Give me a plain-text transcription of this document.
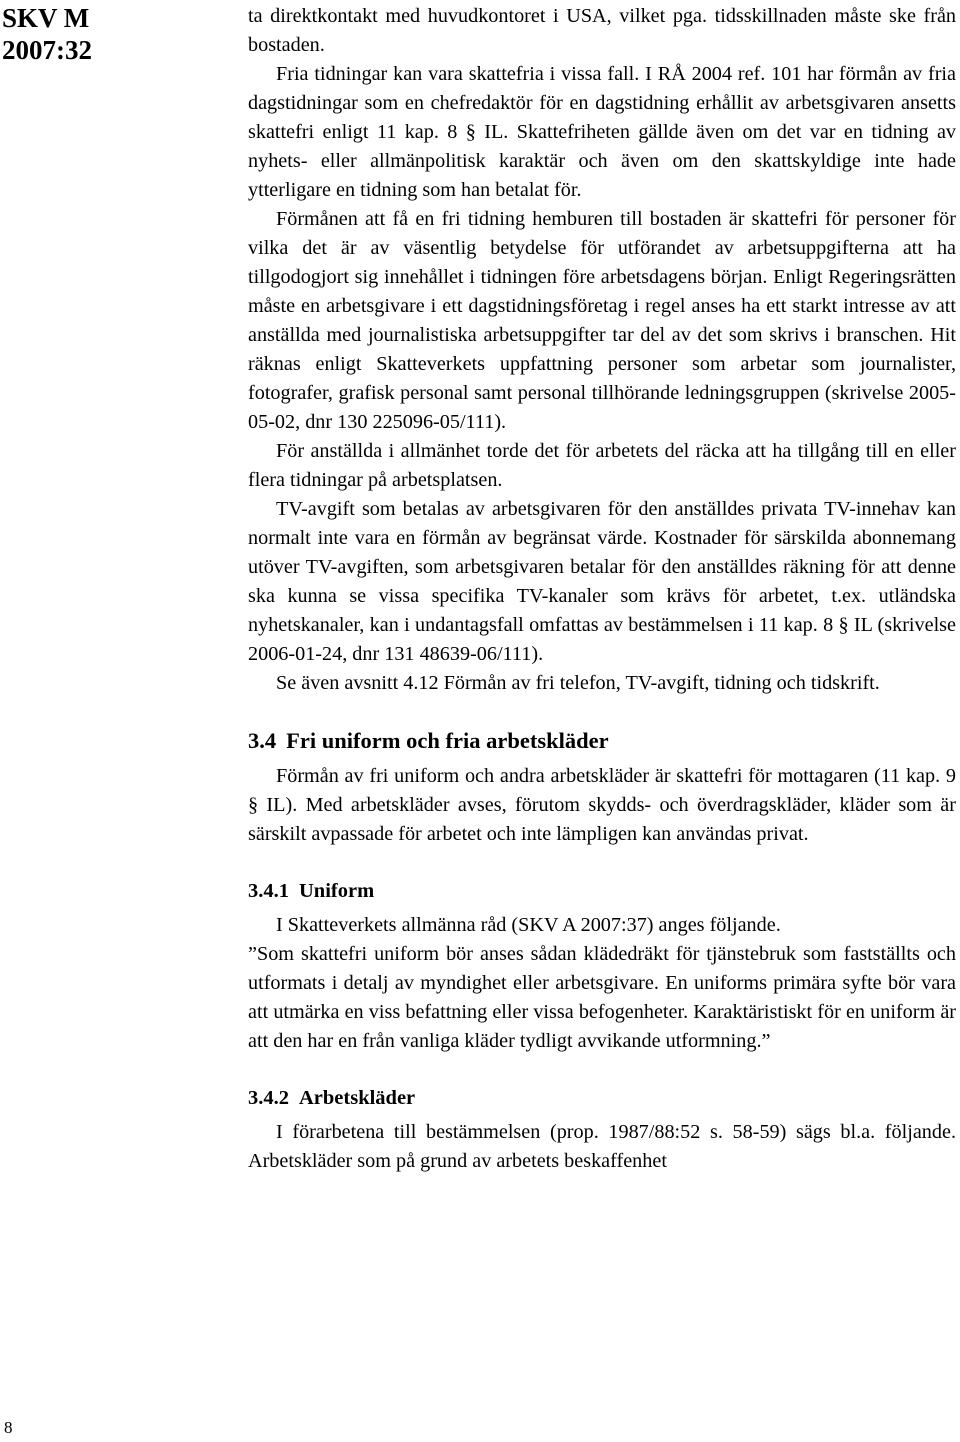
SKV M
2007:32

ta direktkontakt med huvudkontoret i USA, vilket pga. tidsskillnaden måste ske från bostaden.

Fria tidningar kan vara skattefria i vissa fall. I RÅ 2004 ref. 101 har förmån av fria dagstidningar som en chefredaktör för en dagstidning erhållit av arbetsgivaren ansetts skattefri enligt 11 kap. 8 § IL. Skattefriheten gällde även om det var en tidning av nyhets- eller allmänpolitisk karaktär och även om den skattskyldige inte hade ytterligare en tidning som han betalat för.

Förmånen att få en fri tidning hemburen till bostaden är skattefri för personer för vilka det är av väsentlig betydelse för utförandet av arbetsuppgifterna att ha tillgodogjort sig innehållet i tidningen före arbetsdagens början. Enligt Regeringsrätten måste en arbetsgivare i ett dagstidningsföretag i regel anses ha ett starkt intresse av att anställda med journalistiska arbetsuppgifter tar del av det som skrivs i branschen. Hit räknas enligt Skatteverkets uppfattning personer som arbetar som journalister, fotografer, grafisk personal samt personal tillhörande ledningsgruppen (skrivelse 2005-05-02, dnr 130 225096-05/111).

För anställda i allmänhet torde det för arbetets del räcka att ha tillgång till en eller flera tidningar på arbetsplatsen.

TV-avgift som betalas av arbetsgivaren för den anställdes privata TV-innehav kan normalt inte vara en förmån av begränsat värde. Kostnader för särskilda abonnemang utöver TV-avgiften, som arbetsgivaren betalar för den anställdes räkning för att denne ska kunna se vissa specifika TV-kanaler som krävs för arbetet, t.ex. utländska nyhetskanaler, kan i undantagsfall omfattas av bestämmelsen i 11 kap. 8 § IL (skrivelse 2006-01-24, dnr 131 48639-06/111).

Se även avsnitt 4.12 Förmån av fri telefon, TV-avgift, tidning och tidskrift.

3.4 Fri uniform och fria arbetskläder

Förmån av fri uniform och andra arbetskläder är skattefri för mottagaren (11 kap. 9 § IL). Med arbetskläder avses, förutom skydds- och överdragskläder, kläder som är särskilt avpassade för arbetet och inte lämpligen kan användas privat.

3.4.1 Uniform

I Skatteverkets allmänna råd (SKV A 2007:37) anges följande.

”Som skattefri uniform bör anses sådan klädedräkt för tjänstebruk som fastställts och utformats i detalj av myndighet eller arbetsgivare. En uniforms primära syfte bör vara att utmärka en viss befattning eller vissa befogenheter. Karaktäristiskt för en uniform är att den har en från vanliga kläder tydligt avvikande utformning.”

3.4.2 Arbetskläder

I förarbetena till bestämmelsen (prop. 1987/88:52 s. 58-59) sägs bl.a. följande. Arbetskläder som på grund av arbetets beskaffenhet

8
